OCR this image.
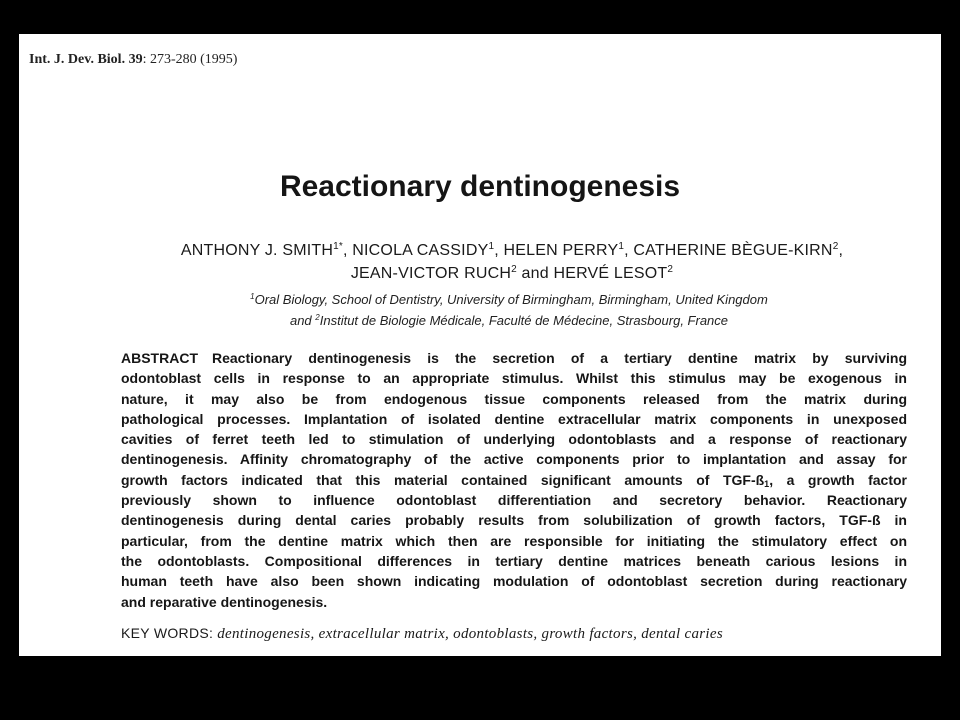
Int. J. Dev. Biol. 39: 273-280 (1995)
Reactionary dentinogenesis
ANTHONY J. $SMITH^{1*}$, NICOLA CASSIDY$^1$, HELEN PERRY$^1$, CATHERINE BÈGUE-KIRN$^2$,
JEAN-VICTOR RUCH$^2$ and HERVÉ LESOT$^2$
$^1$Oral Biology, School of Dentistry, University of Birmingham, Birmingham, United Kingdom
and $^2$Institut de Biologie Médicale, Faculté de Médecine, Strasbourg, France
ABSTRACT Reactionary dentinogenesis is the secretion of a tertiary dentine matrix by surviving
odontoblast cells in response to an appropriate stimulus. Whilst this stimulus may be exogenous in
nature, it may also be from endogenous tissue components released from the matrix during
pathological processes. Implantation of isolated dentine extracellular matrix components in unexposed
cavities of ferret teeth led to stimulation of underlying odontoblasts and a response of reactionary
dentinogenesis. Affinity chromatography of the active components prior to implantation and assay for
growth factors indicated that this material contained significant amounts of TGF-$ß_1$, a growth factor
previously shown to influence odontoblast differentiation and secretory behavior. Reactionary
dentinogenesis during dental caries probably results from solubilization of growth factors, TGF-ß in
particular, from the dentine matrix which then are responsible for initiating the stimulatory effect on
the odontoblasts. Compositional differences in tertiary dentine matrices beneath carious lesions in
human teeth have also been shown indicating modulation of odontoblast secretion during reactionary
and reparative dentinogenesis.
KEY WORDS: dentinogenesis, extracellular matrix, odontoblasts, growth factors, dental caries
